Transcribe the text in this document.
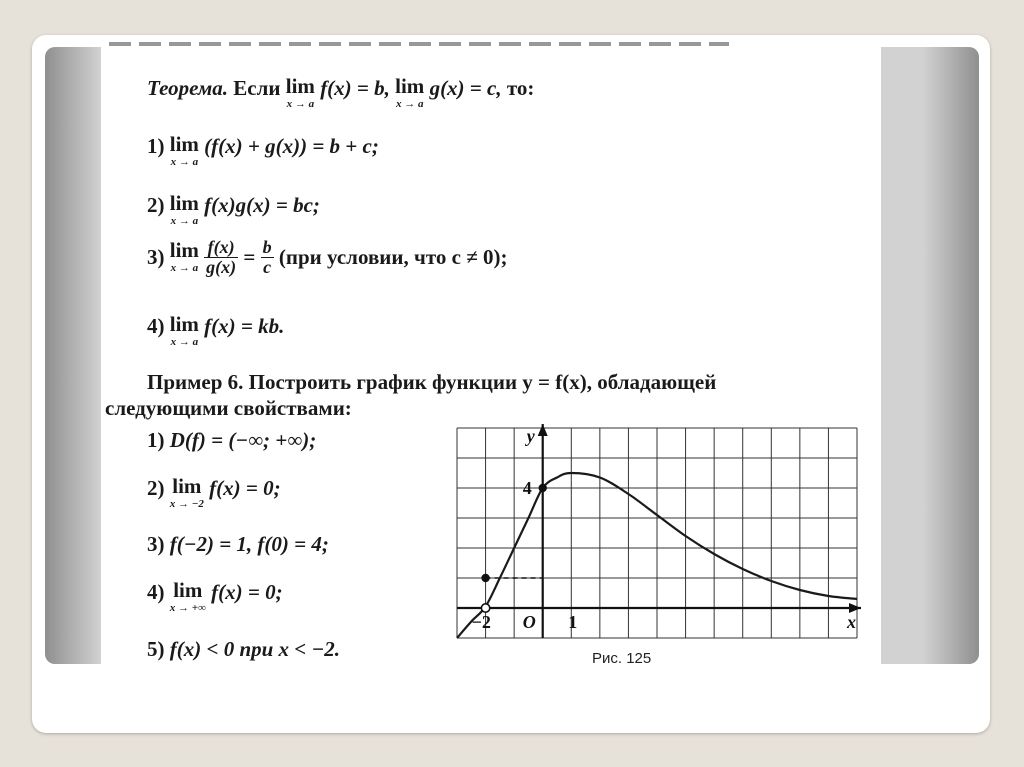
Теорема. Если lim
x → a
f(x) = b, lim
x → a
g(x) = c, то:
1) lim
x → a
(f(x) + g(x)) = b + c;
2) lim
x → a
f(x)g(x) = bc;
3) lim
x → a
$\frac{f(x)}{g(x)} = \frac{b}{c} (при$ условии, что c ≠ 0);
4) lim
x → a
f(x) = kb.
Пример 6. Построить график функции y = f(x), обладающей
следующими свойствами:
1) D(f) = (−∞; +∞);
2) lim
x → −2
f(x) = 0;
3) f(−2) = 1, f(0) = 4;
4) lim
x → +∞
f(x) = 0;
5) f(x) < 0 при x < −2.
y
x
O
−2	1
4
Рис. 125
